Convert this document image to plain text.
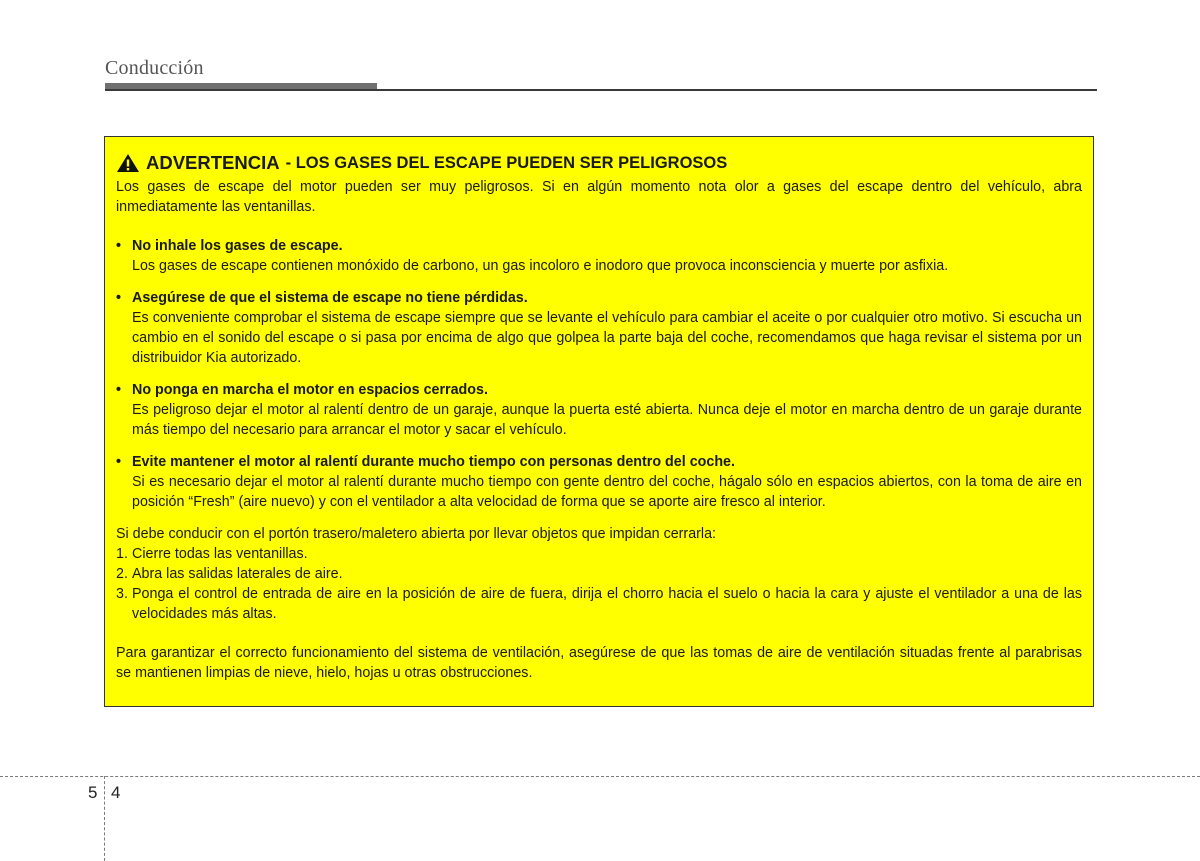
Conducción
ADVERTENCIA - LOS GASES DEL ESCAPE PUEDEN SER PELIGROSOS

Los gases de escape del motor pueden ser muy peligrosos. Si en algún momento nota olor a gases del escape dentro del vehículo, abra inmediatamente las ventanillas.

• No inhale los gases de escape.
Los gases de escape contienen monóxido de carbono, un gas incoloro e inodoro que provoca inconsciencia y muerte por asfixia.
• Asegúrese de que el sistema de escape no tiene pérdidas.
Es conveniente comprobar el sistema de escape siempre que se levante el vehículo para cambiar el aceite o por cualquier otro motivo. Si escucha un cambio en el sonido del escape o si pasa por encima de algo que golpea la parte baja del coche, recomendamos que haga revisar el sistema por un distribuidor Kia autorizado.
• No ponga en marcha el motor en espacios cerrados.
Es peligroso dejar el motor al ralentí dentro de un garaje, aunque la puerta esté abierta. Nunca deje el motor en marcha dentro de un garaje durante más tiempo del necesario para arrancar el motor y sacar el vehículo.
• Evite mantener el motor al ralentí durante mucho tiempo con personas dentro del coche.
Si es necesario dejar el motor al ralentí durante mucho tiempo con gente dentro del coche, hágalo sólo en espacios abiertos, con la toma de aire en posición “Fresh” (aire nuevo) y con el ventilador a alta velocidad de forma que se aporte aire fresco al interior.

Si debe conducir con el portón trasero/maletero abierta por llevar objetos que impidan cerrarla:

1. Cierre todas las ventanillas.
2. Abra las salidas laterales de aire.
3. Ponga el control de entrada de aire en la posición de aire de fuera, dirija el chorro hacia el suelo o hacia la cara y ajuste el ventilador a una de las velocidades más altas.

Para garantizar el correcto funcionamiento del sistema de ventilación, asegúrese de que las tomas de aire de ventilación situadas frente al parabrisas se mantienen limpias de nieve, hielo, hojas u otras obstrucciones.

5 4
